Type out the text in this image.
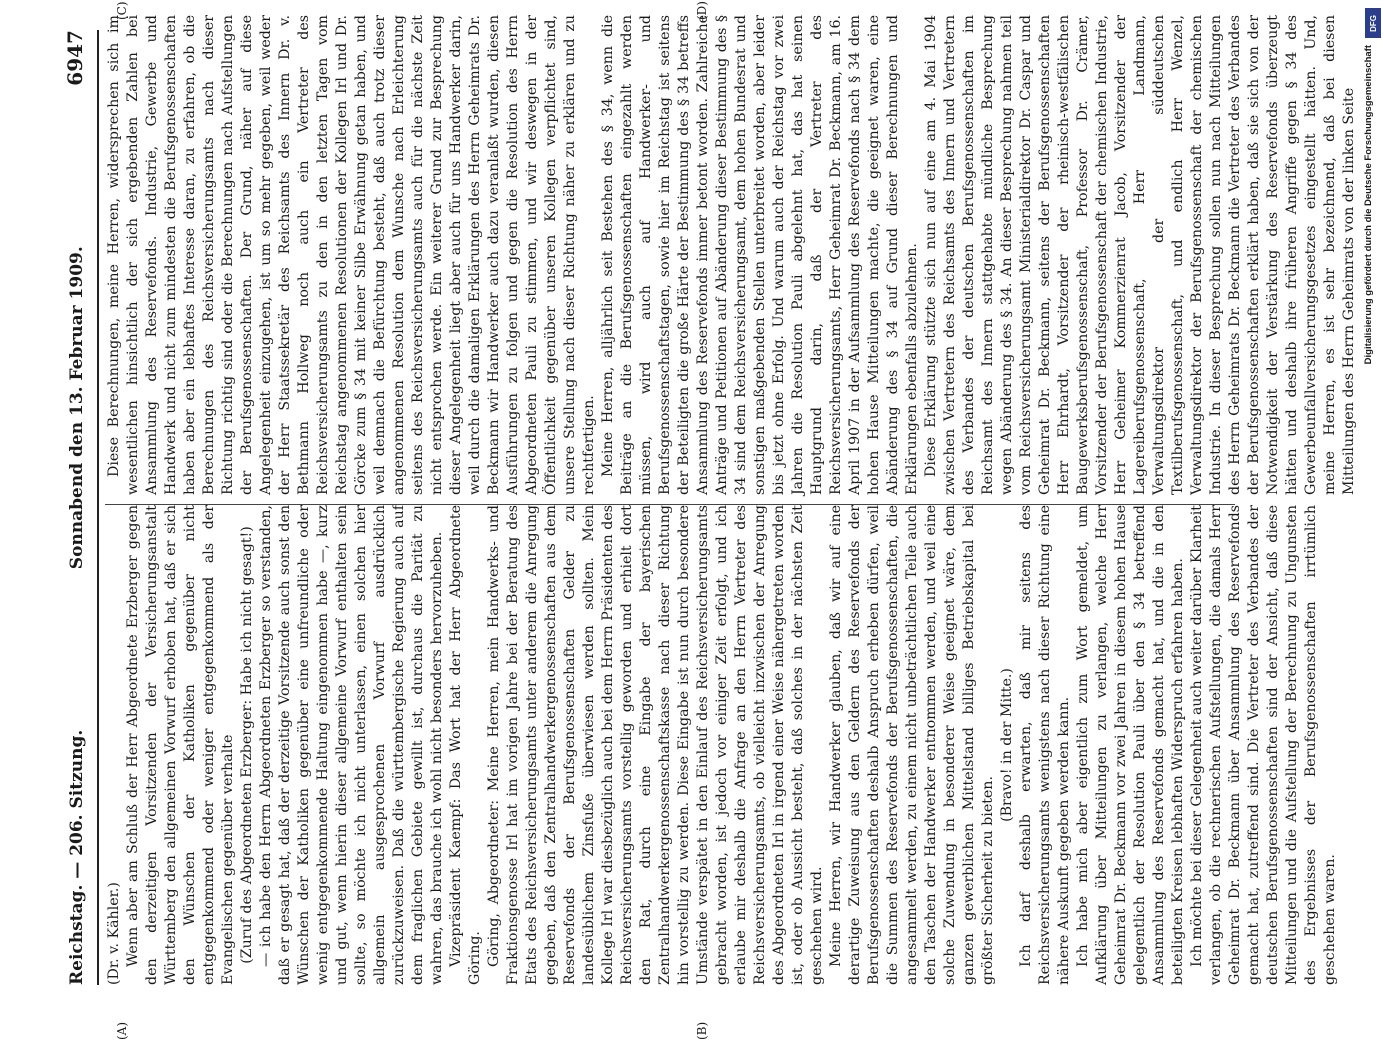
Reichstag. — 206. Sitzung.
Sonnabend den 13. Februar 1909.
6947
(A)	(B)
(C)	(D)

(Dr. v. Kähler.) Wenn aber am Schluß der Herr Abgeordnete Erzberger gegen den derzeitigen Vorsitzenden der Versicherungsanstalt Württemberg den allgemeinen Vorwurf erhoben hat, daß er sich den Wünschen der Katholiken gegenüber nicht entgegenkommend oder weniger entgegenkommend als der Evangelischen gegenüber verhalte (Zuruf des Abgeordneten Erzberger: Habe ich nicht gesagt!) — ich habe den Herrn Abgeordneten Erzberger so verstanden, daß er gesagt hat, daß der derzeitige Vorsitzende auch sonst den Wünschen der Katholiken gegenüber eine unfreundliche oder wenig entgegenkommende Haltung eingenommen habe —, kurz und gut, wenn hierin dieser allgemeine Vorwurf enthalten sein sollte, so möchte ich nicht unterlassen, einen solchen hier allgemein ausgesprochenen Vorwurf ausdrücklich zurückzuweisen. Daß die württembergische Regierung auch auf dem fraglichen Gebiete gewillt ist, durchaus die Parität zu wahren, das brauche ich wohl nicht besonders hervorzuheben. Vizepräsident Kaempf: Das Wort hat der Herr Abgeordnete Göring. Göring, Abgeordneter: Meine Herren, mein Handwerks- und Fraktionsgenosse Irl hat im vorigen Jahre bei der Beratung des Etats des Reichsversicherungsamts unter anderem die Anregung gegeben, daß den Zentralhandwerkergenossenschaften aus dem Reservefonds der Berufsgenossenschaften Gelder zu landesüblichem Zinsfuße überwiesen werden sollten. Mein Kollege Irl war diesbezüglich auch bei dem Herrn Präsidenten des Reichsversicherungsamts vorstellig geworden und erhielt dort den Rat, durch eine Eingabe der bayerischen Zentralhandwerkergenossenschaftskasse nach dieser Richtung hin vorstellig zu werden. Diese Eingabe ist nun durch besondere Umstände verspätet in den Einlauf des Reichsversicherungsamts gebracht worden, ist jedoch vor einiger Zeit erfolgt, und ich erlaube mir deshalb die Anfrage an den Herrn Vertreter des Reichsversicherungsamts, ob vielleicht inzwischen der Anregung des Abgeordneten Irl in irgend einer Weise nähergetreten worden ist, oder ob Aussicht besteht, daß solches in der nächsten Zeit geschehen wird. Meine Herren, wir Handwerker glauben, daß wir auf eine derartige Zuweisung aus den Geldern des Reservefonds der Berufsgenossenschaften deshalb Anspruch erheben dürfen, weil die Summen des Reservefonds der Berufsgenossenschaften, die angesammelt werden, zu einem nicht unbeträchtlichen Teile auch den Taschen der Handwerker entnommen werden, und weil eine solche Zuwendung in besonderer Weise geeignet wäre, dem ganzen gewerblichen Mittelstand billiges Betriebskapital bei größter Sicherheit zu bieten.

(Bravo! in der Mitte.) Ich darf deshalb erwarten, daß mir seitens des Reichsversicherungsamts wenigstens nach dieser Richtung eine nähere Auskunft gegeben werden kann. Ich habe mich aber eigentlich zum Wort gemeldet, um Aufklärung über Mitteilungen zu verlangen, welche Herr Geheimrat Dr. Beckmann vor zwei Jahren in diesem hohen Hause gelegentlich der Resolution Pauli über den § 34 betreffend Ansammlung des Reservefonds gemacht hat, und die in den beteiligten Kreisen lebhaften Widerspruch erfahren haben. Ich möchte bei dieser Gelegenheit auch weiter darüber Klarheit verlangen, ob die rechnerischen Aufstellungen, die damals Herr Geheimrat Dr. Beckmann über Ansammlung des Reservefonds gemacht hat, zutreffend sind. Die Vertreter des Verbandes der deutschen Berufsgenossenschaften sind der Ansicht, daß diese Mitteilungen und die Aufstellung der Berechnung zu Ungunsten des Ergebnisses der Berufsgenossenschaften irrtümlich geschehen waren.

Diese Berechnungen, meine Herren, widersprechen sich im wesentlichen hinsichtlich der sich ergebenden Zahlen bei Ansammlung des Reservefonds. Industrie, Gewerbe und Handwerk und nicht zum mindesten die Berufsgenossenschaften haben aber ein lebhaftes Interesse daran, zu erfahren, ob die Berechnungen des Reichsversicherungsamts nach dieser Richtung richtig sind oder die Berechnungen nach Aufstellungen der Berufsgenossenschaften. Der Grund, näher auf diese Angelegenheit einzugehen, ist um so mehr gegeben, weil weder der Herr Staatssekretär des Reichsamts des Innern Dr. v. Bethmann Hollweg noch auch ein Vertreter des Reichsversicherungsamts zu den in den letzten Tagen vom Reichstag angenommenen Resolutionen der Kollegen Irl und Dr. Görcke zum § 34 mit keiner Silbe Erwähnung getan haben, und weil demnach die Befürchtung besteht, daß auch trotz dieser angenommenen Resolution dem Wunsche nach Erleichterung seitens des Reichsversicherungsamts auch für die nächste Zeit nicht entsprochen werde. Ein weiterer Grund zur Besprechung dieser Angelegenheit liegt aber auch für uns Handwerker darin, weil durch die damaligen Erklärungen des Herrn Geheimrats Dr. Beckmann wir Handwerker auch dazu veranlaßt wurden, diesen Ausführungen zu folgen und gegen die Resolution des Herrn Abgeordneten Pauli zu stimmen, und wir deswegen in der Öffentlichkeit gegenüber unseren Kollegen verpflichtet sind, unsere Stellung nach dieser Richtung näher zu erklären und zu rechtfertigen. Meine Herren, alljährlich seit Bestehen des § 34, wenn die Beiträge an die Berufsgenossenschaften eingezahlt werden müssen, wird auch auf Handwerker- und Berufsgenossenschaftstagen, sowie hier im Reichstag ist seitens der Beteiligten die große Härte der Bestimmung des § 34 betreffs Ansammlung des Reservefonds immer betont worden. Zahlreiche Anträge und Petitionen auf Abänderung dieser Bestimmung des § 34 sind dem Reichsversicherungsamt, dem hohen Bundesrat und sonstigen maßgebenden Stellen unterbreitet worden, aber leider bis jetzt ohne Erfolg. Und warum auch der Reichstag vor zwei Jahren die Resolution Pauli abgelehnt hat, das hat seinen Hauptgrund darin, daß der Vertreter des Reichsversicherungsamts, Herr Geheimrat Dr. Beckmann, am 16. April 1907 in der Aufsammlung des Reservefonds nach § 34 dem hohen Hause Mitteilungen machte, die geeignet waren, eine Abänderung des § 34 auf Grund dieser Berechnungen und Erklärungen ebenfalls abzulehnen. Diese Erklärung stützte sich nun auf eine am 4. Mai 1904 zwischen Vertretern des Reichsamts des Innern und Vertretern des Verbandes der deutschen Berufsgenossenschaften im Reichsamt des Innern stattgehabte mündliche Besprechung wegen Abänderung des § 34. An dieser Besprechung nahmen teil vom Reichsversicherungsamt Ministerialdirektor Dr. Caspar und Geheimrat Dr. Beckmann, seitens der Berufsgenossenschaften Herr Ehrhardt, Vorsitzender der rheinisch-westfälischen Baugewerksberufsgenossenschaft, Professor Dr. Crämer, Vorsitzender der Berufsgenossenschaft der chemischen Industrie, Herr Geheimer Kommerzienrat Jacob, Vorsitzender der Lagereiberufsgenossenschaft, Herr Landmann, Verwaltungsdirektor der süddeutschen Textilberufsgenossenschaft, und endlich Herr Wenzel, Verwaltungsdirektor der Berufsgenossenschaft der chemischen Industrie. In dieser Besprechung sollen nun nach Mitteilungen des Herrn Geheimrats Dr. Beckmann die Vertreter des Verbandes der Berufsgenossenschaften erklärt haben, daß sie sich von der Notwendigkeit der Verstärkung des Reservefonds überzeugt hätten und deshalb ihre früheren Angriffe gegen § 34 des Gewerbeunfallversicherungsgesetzes eingestellt hätten. Und, meine Herren, es ist sehr bezeichnend, daß bei diesen Mitteilungen des Herrn Geheimrats von der linken Seite

DFG
Digitalisierung gefördert durch die Deutsche Forschungsgemeinschaft
